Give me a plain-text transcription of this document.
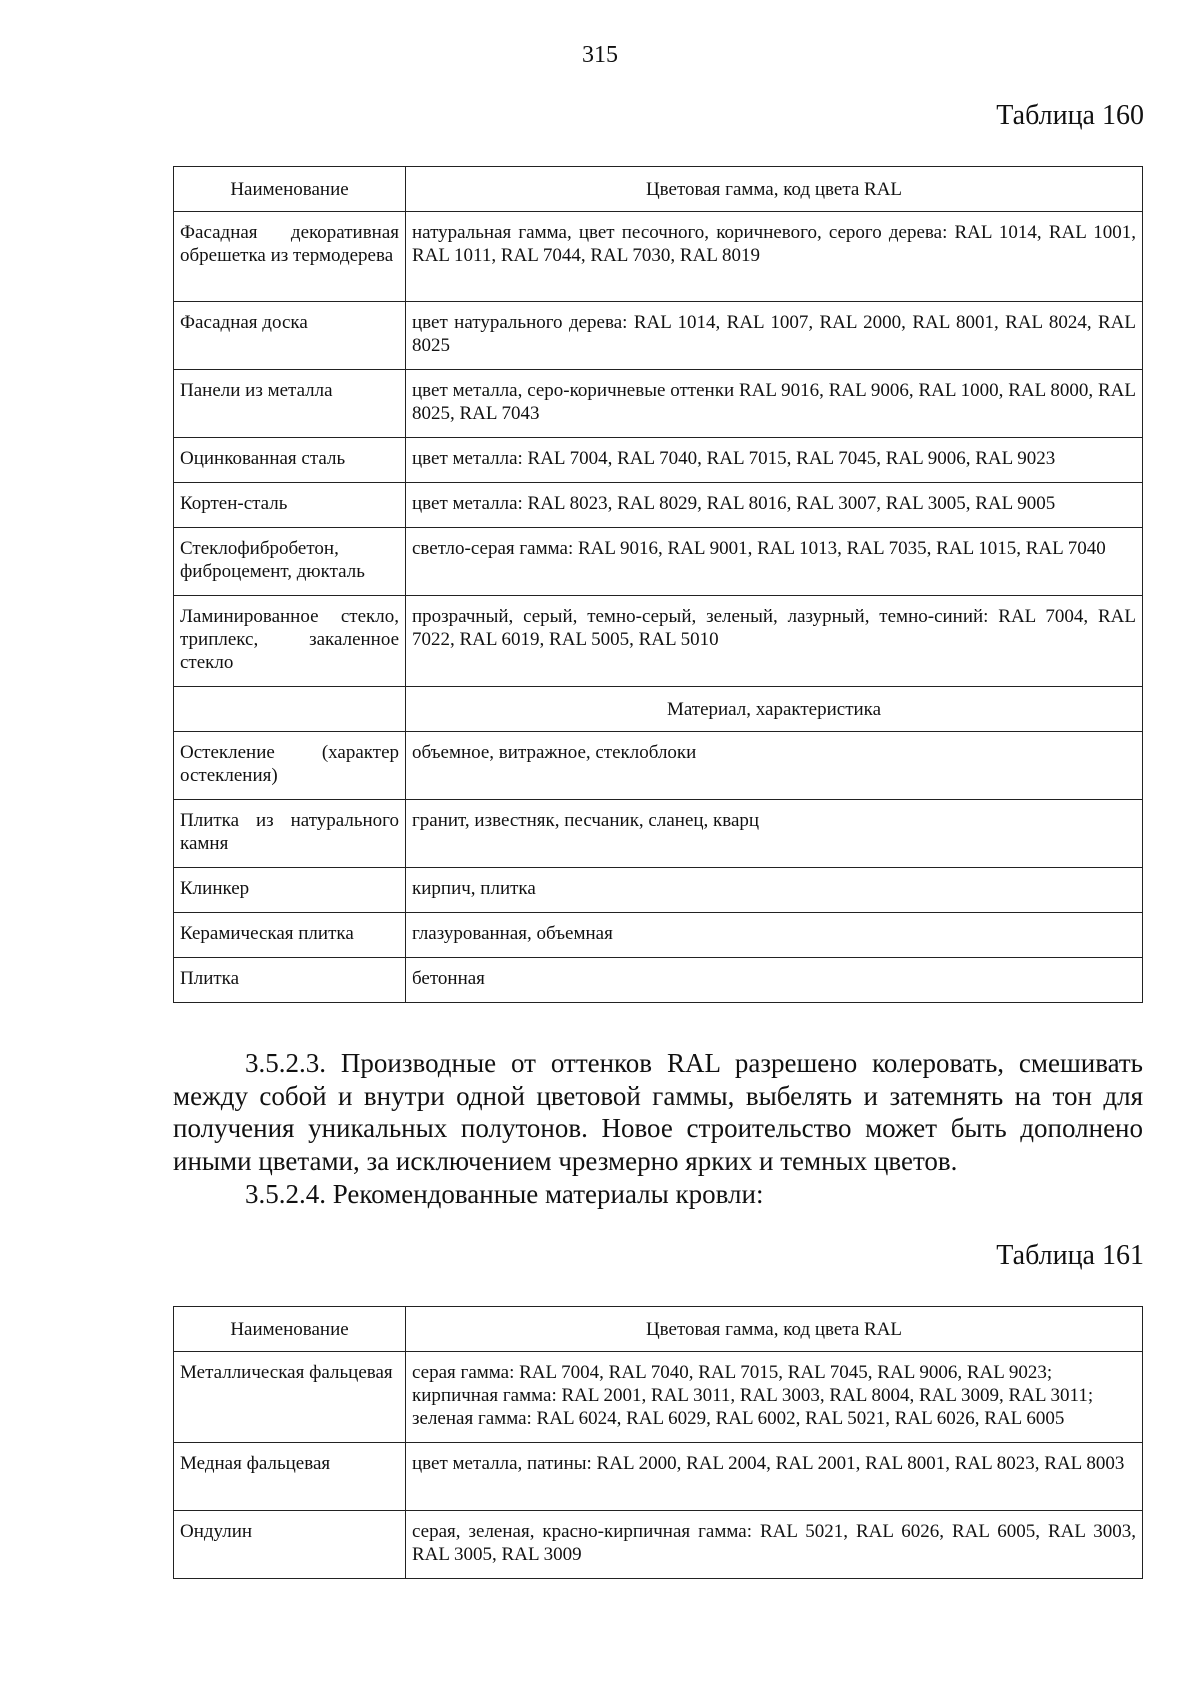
315
Таблица 160
Наименование	Цветовая гамма, код цвета RAL

Фасадная декоративная обрешетка из термодерева	натуральная гамма, цвет песочного, коричневого, серого дерева: RAL 1014, RAL 1001, RAL 1011, RAL 7044, RAL 7030, RAL 8019

Фасадная доска	цвет натурального дерева: RAL 1014, RAL 1007, RAL 2000, RAL 8001, RAL 8024, RAL 8025

Панели из металла	цвет металла, серо-коричневые оттенки RAL 9016, RAL 9006, RAL 1000, RAL 8000, RAL 8025, RAL 7043

Оцинкованная сталь	цвет металла: RAL 7004, RAL 7040, RAL 7015, RAL 7045, RAL 9006, RAL 9023

Кортен-сталь	цвет металла: RAL 8023, RAL 8029, RAL 8016, RAL 3007, RAL 3005, RAL 9005

Стеклофибробетон, фиброцемент, дюкталь	светло-серая гамма: RAL 9016, RAL 9001, RAL 1013, RAL 7035, RAL 1015, RAL 7040

Ламинированное стекло, триплекс, закаленное стекло	прозрачный, серый, темно-серый, зеленый, лазурный, темно-синий: RAL 7004, RAL 7022, RAL 6019, RAL 5005, RAL 5010

	Материал, характеристика

Остекление (характер остекления)	объемное, витражное, стеклоблоки

Плитка из натурального камня	гранит, известняк, песчаник, сланец, кварц

Клинкер	кирпич, плитка

Керамическая плитка	глазурованная, объемная

Плитка	бетонная

3.5.2.3. Производные от оттенков RAL разрешено колеровать, смешивать между собой и внутри одной цветовой гаммы, выбелять и затемнять на тон для получения уникальных полутонов. Новое строительство может быть дополнено иными цветами, за исключением чрезмерно ярких и темных цветов.

3.5.2.4. Рекомендованные материалы кровли:

Таблица 161
Наименование	Цветовая гамма, код цвета RAL

Металлическая фальцевая	серая гамма: RAL 7004, RAL 7040, RAL 7015, RAL 7045, RAL 9006, RAL 9023;
кирпичная гамма: RAL 2001, RAL 3011, RAL 3003, RAL 8004, RAL 3009, RAL 3011;
зеленая гамма: RAL 6024, RAL 6029, RAL 6002, RAL 5021, RAL 6026, RAL 6005

Медная фальцевая	цвет металла, патины: RAL 2000, RAL 2004, RAL 2001, RAL 8001, RAL 8023, RAL 8003

Ондулин	серая, зеленая, красно-кирпичная гамма: RAL 5021, RAL 6026, RAL 6005, RAL 3003, RAL 3005, RAL 3009
